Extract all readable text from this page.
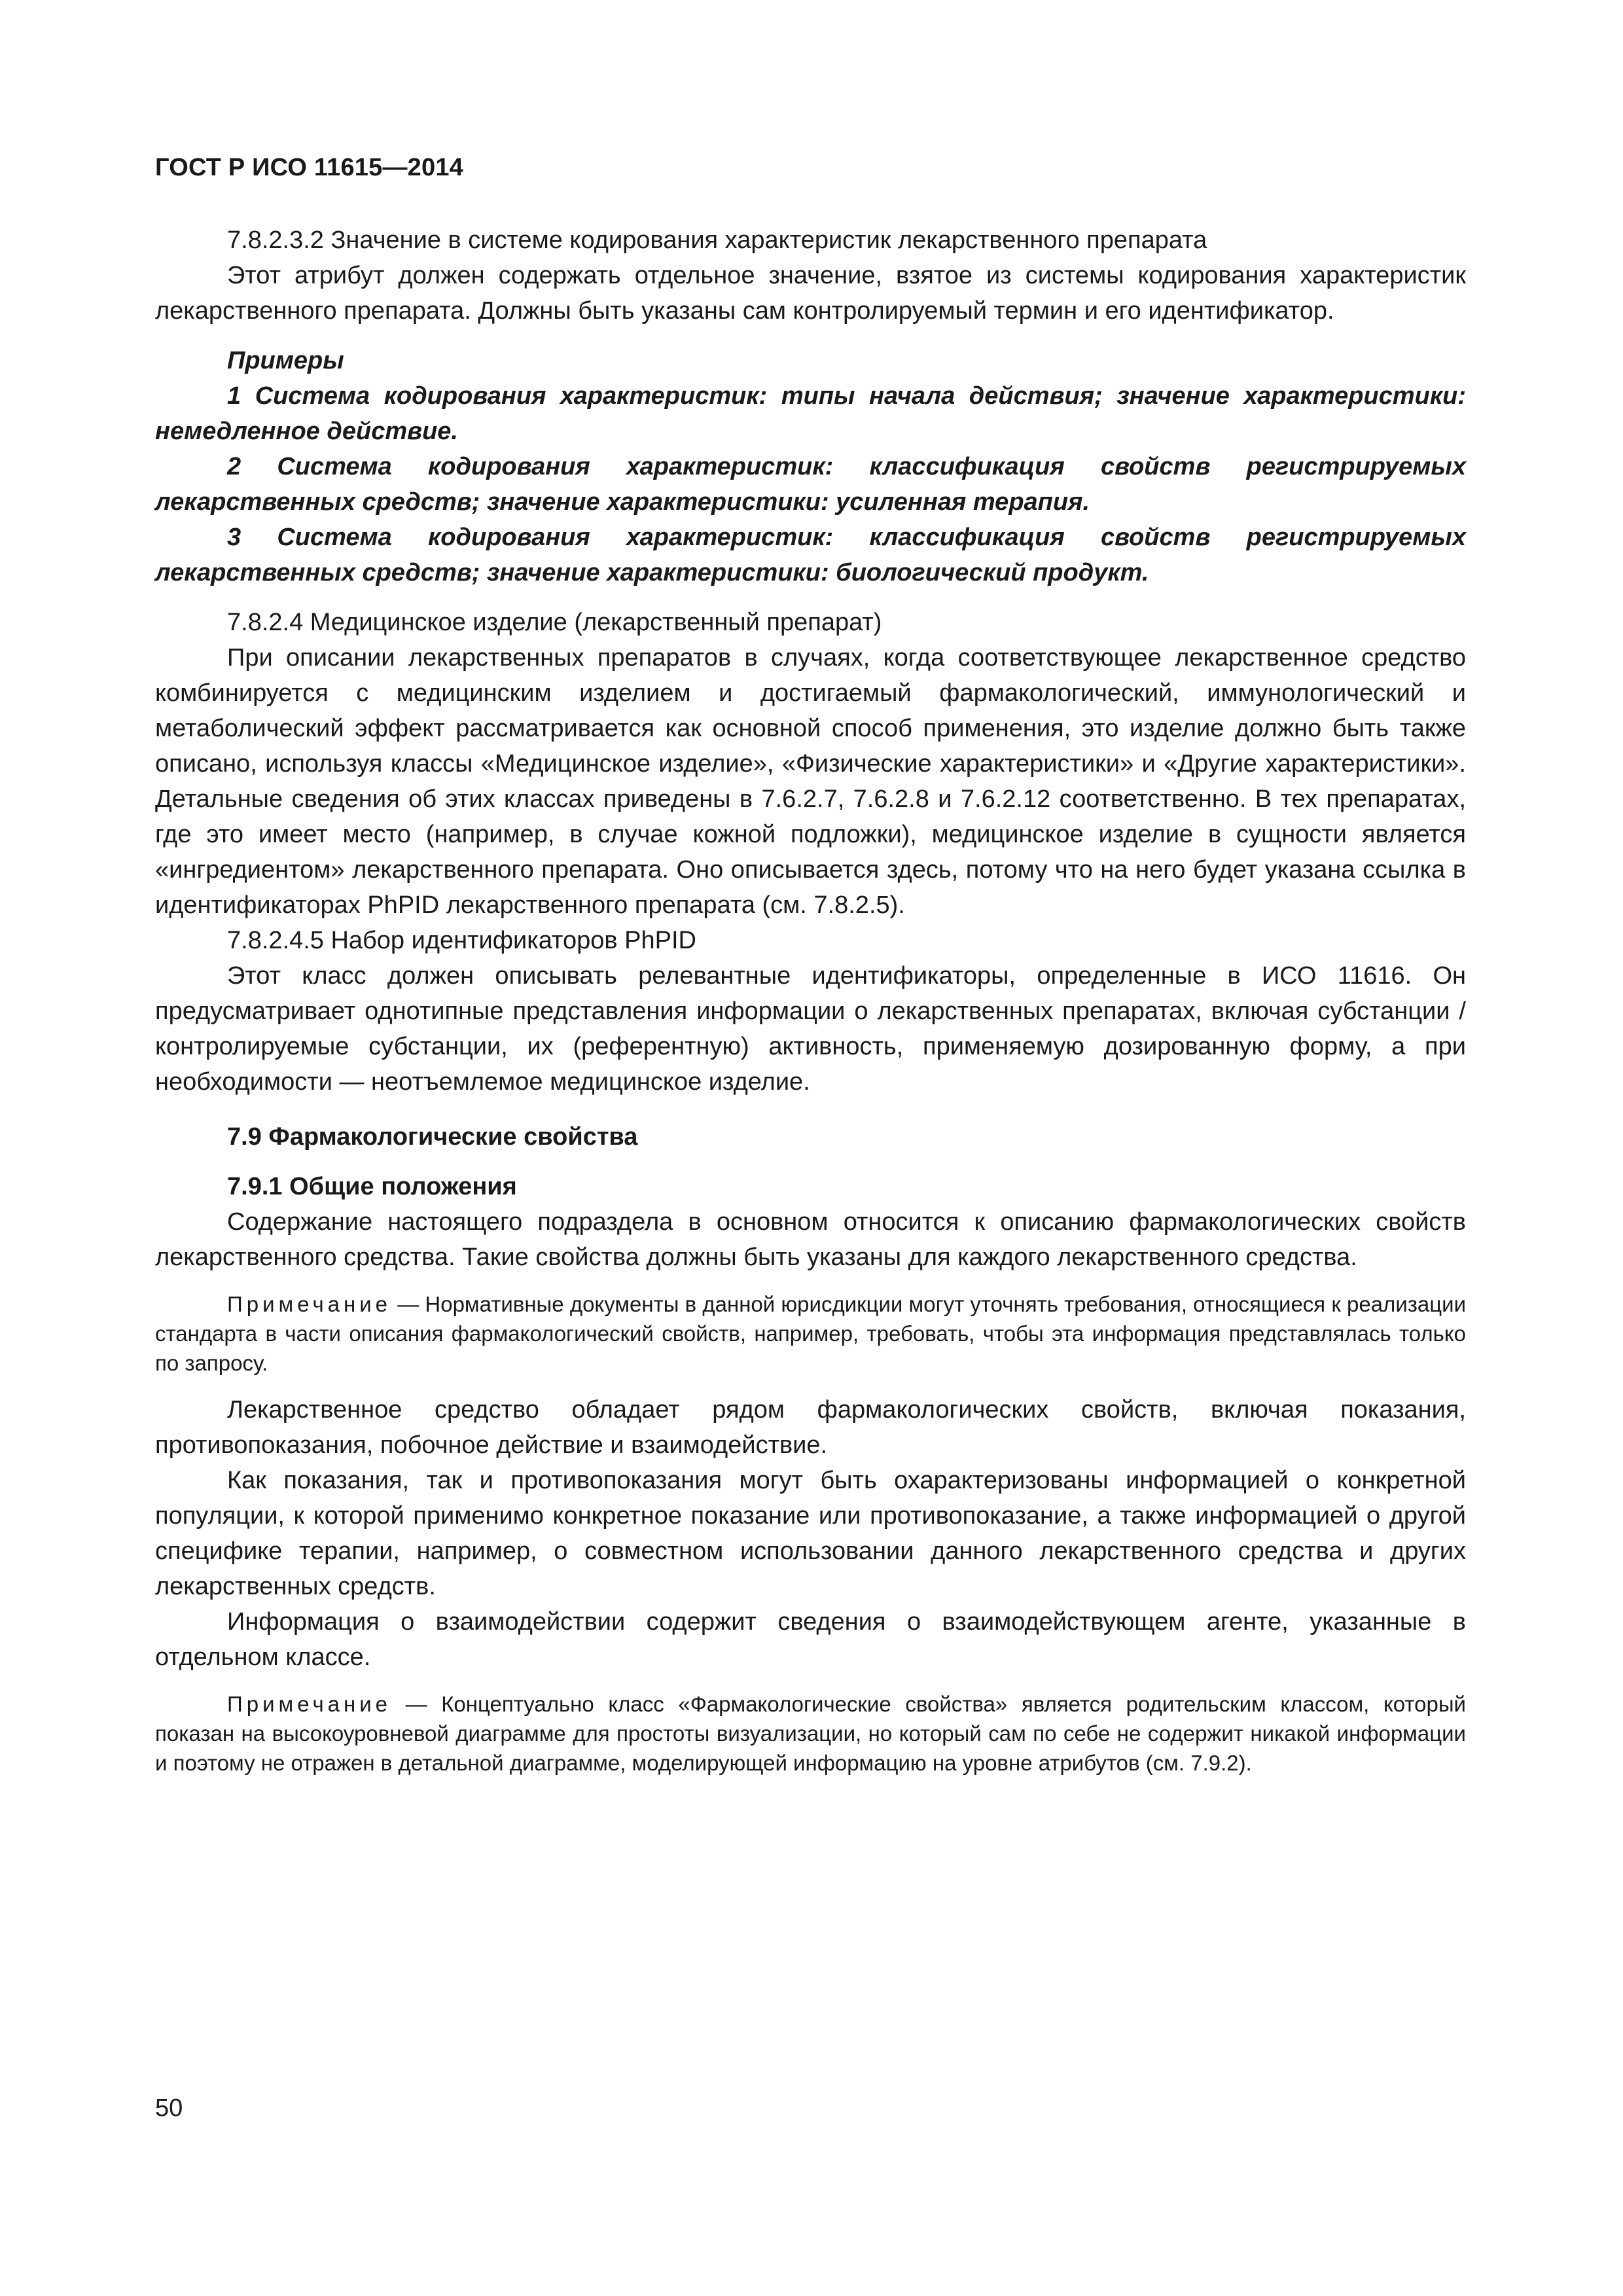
ГОСТ Р ИСО 11615—2014

7.8.2.3.2 Значение в системе кодирования характеристик лекарственного препарата

Этот атрибут должен содержать отдельное значение, взятое из системы кодирования характеристик лекарственного препарата. Должны быть указаны сам контролируемый термин и его идентификатор.

Примеры

1 Система кодирования характеристик: типы начала действия; значение характеристики: немедленное действие.

2 Система кодирования характеристик: классификация свойств регистрируемых лекарственных средств; значение характеристики: усиленная терапия.

3 Система кодирования характеристик: классификация свойств регистрируемых лекарственных средств; значение характеристики: биологический продукт.

7.8.2.4 Медицинское изделие (лекарственный препарат)

При описании лекарственных препаратов в случаях, когда соответствующее лекарственное средство комбинируется с медицинским изделием и достигаемый фармакологический, иммунологический и метаболический эффект рассматривается как основной способ применения, это изделие должно быть также описано, используя классы «Медицинское изделие», «Физические характеристики» и «Другие характеристики». Детальные сведения об этих классах приведены в 7.6.2.7, 7.6.2.8 и 7.6.2.12 соответственно. В тех препаратах, где это имеет место (например, в случае кожной подложки), медицинское изделие в сущности является «ингредиентом» лекарственного препарата. Оно описывается здесь, потому что на него будет указана ссылка в идентификаторах PhPID лекарственного препарата (см. 7.8.2.5).

7.8.2.4.5 Набор идентификаторов PhPID

Этот класс должен описывать релевантные идентификаторы, определенные в ИСО 11616. Он предусматривает однотипные представления информации о лекарственных препаратах, включая субстанции / контролируемые субстанции, их (референтную) активность, применяемую дозированную форму, а при необходимости — неотъемлемое медицинское изделие.

7.9 Фармакологические свойства

7.9.1 Общие положения

Содержание настоящего подраздела в основном относится к описанию фармакологических свойств лекарственного средства. Такие свойства должны быть указаны для каждого лекарственного средства.

Примечание — Нормативные документы в данной юрисдикции могут уточнять требования, относящиеся к реализации стандарта в части описания фармакологический свойств, например, требовать, чтобы эта информация представлялась только по запросу.

Лекарственное средство обладает рядом фармакологических свойств, включая показания, противопоказания, побочное действие и взаимодействие.

Как показания, так и противопоказания могут быть охарактеризованы информацией о конкретной популяции, к которой применимо конкретное показание или противопоказание, а также информацией о другой специфике терапии, например, о совместном использовании данного лекарственного средства и других лекарственных средств.

Информация о взаимодействии содержит сведения о взаимодействующем агенте, указанные в отдельном классе.

Примечание — Концептуально класс «Фармакологические свойства» является родительским классом, который показан на высокоуровневой диаграмме для простоты визуализации, но который сам по себе не содержит никакой информации и поэтому не отражен в детальной диаграмме, моделирующей информацию на уровне атрибутов (см. 7.9.2).

50
